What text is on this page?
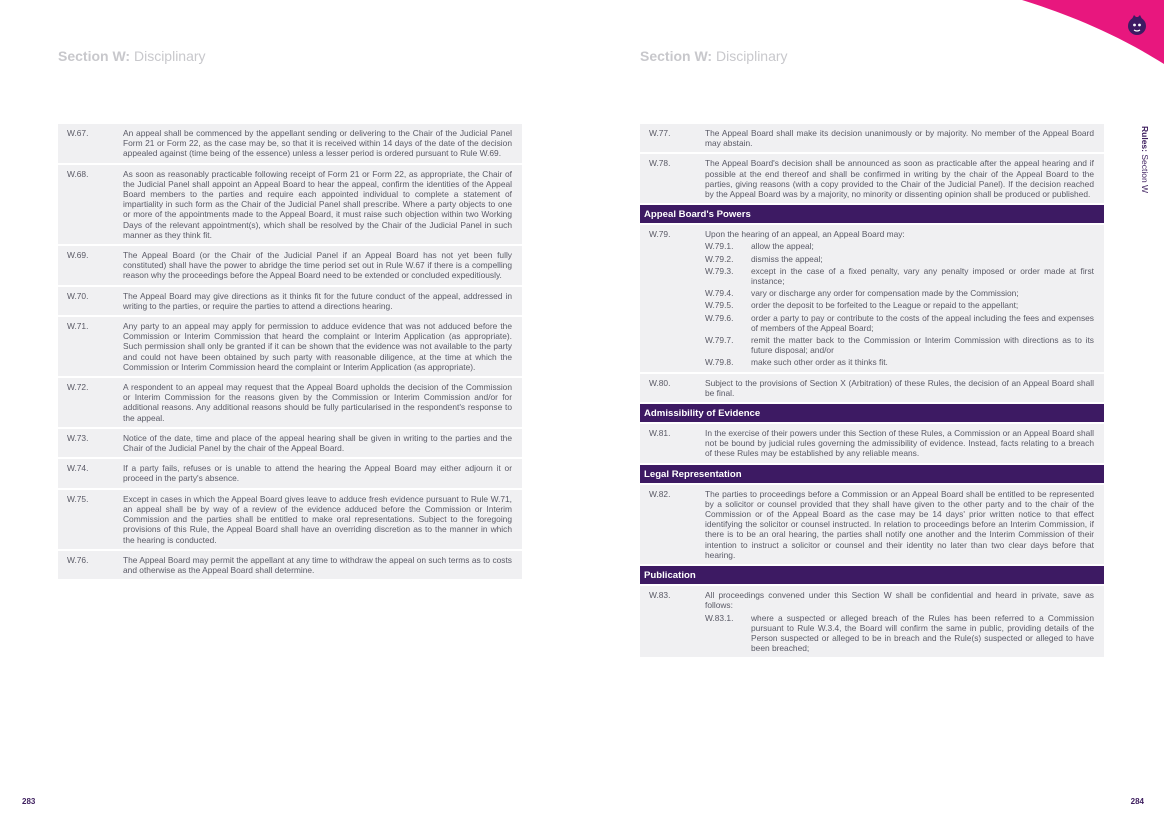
Section W: Disciplinary
W.67.	An appeal shall be commenced by the appellant sending or delivering to the Chair of the Judicial Panel Form 21 or Form 22, as the case may be, so that it is received within 14 days of the date of the decision appealed against (time being of the essence) unless a lesser period is ordered pursuant to Rule W.69.
W.68.	As soon as reasonably practicable following receipt of Form 21 or Form 22, as appropriate, the Chair of the Judicial Panel shall appoint an Appeal Board to hear the appeal, confirm the identities of the Appeal Board members to the parties and require each appointed individual to complete a statement of impartiality in such form as the Chair of the Judicial Panel shall prescribe. Where a party objects to one or more of the appointments made to the Appeal Board, it must raise such objection within two Working Days of the relevant appointment(s), which shall be resolved by the Chair of the Judicial Panel in such manner as they think fit.
W.69.	The Appeal Board (or the Chair of the Judicial Panel if an Appeal Board has not yet been fully constituted) shall have the power to abridge the time period set out in Rule W.67 if there is a compelling reason why the proceedings before the Appeal Board need to be extended or concluded expeditiously.
W.70.	The Appeal Board may give directions as it thinks fit for the future conduct of the appeal, addressed in writing to the parties, or require the parties to attend a directions hearing.
W.71.	Any party to an appeal may apply for permission to adduce evidence that was not adduced before the Commission or Interim Commission that heard the complaint or Interim Application (as appropriate). Such permission shall only be granted if it can be shown that the evidence was not available to the party and could not have been obtained by such party with reasonable diligence, at the time at which the Commission or Interim Commission heard the complaint or Interim Application (as appropriate).
W.72.	A respondent to an appeal may request that the Appeal Board upholds the decision of the Commission or Interim Commission for the reasons given by the Commission or Interim Commission and/or for additional reasons. Any additional reasons should be fully particularised in the respondent's response to the appeal.
W.73.	Notice of the date, time and place of the appeal hearing shall be given in writing to the parties and the Chair of the Judicial Panel by the chair of the Appeal Board.
W.74.	If a party fails, refuses or is unable to attend the hearing the Appeal Board may either adjourn it or proceed in the party's absence.
W.75.	Except in cases in which the Appeal Board gives leave to adduce fresh evidence pursuant to Rule W.71, an appeal shall be by way of a review of the evidence adduced before the Commission or Interim Commission and the parties shall be entitled to make oral representations. Subject to the foregoing provisions of this Rule, the Appeal Board shall have an overriding discretion as to the manner in which the hearing is conducted.
W.76.	The Appeal Board may permit the appellant at any time to withdraw the appeal on such terms as to costs and otherwise as the Appeal Board shall determine.
283
Section W: Disciplinary
W.77.	The Appeal Board shall make its decision unanimously or by majority. No member of the Appeal Board may abstain.
W.78.	The Appeal Board's decision shall be announced as soon as practicable after the appeal hearing and if possible at the end thereof and shall be confirmed in writing by the chair of the Appeal Board to the parties, giving reasons (with a copy provided to the Chair of the Judicial Panel). If the decision reached by the Appeal Board was by a majority, no minority or dissenting opinion shall be produced or published.
Appeal Board's Powers
W.79.	Upon the hearing of an appeal, an Appeal Board may:
W.79.1. allow the appeal;
W.79.2. dismiss the appeal;
W.79.3. except in the case of a fixed penalty, vary any penalty imposed or order made at first instance;
W.79.4. vary or discharge any order for compensation made by the Commission;
W.79.5. order the deposit to be forfeited to the League or repaid to the appellant;
W.79.6. order a party to pay or contribute to the costs of the appeal including the fees and expenses of members of the Appeal Board;
W.79.7. remit the matter back to the Commission or Interim Commission with directions as to its future disposal; and/or
W.79.8. make such other order as it thinks fit.
W.80.	Subject to the provisions of Section X (Arbitration) of these Rules, the decision of an Appeal Board shall be final.
Admissibility of Evidence
W.81.	In the exercise of their powers under this Section of these Rules, a Commission or an Appeal Board shall not be bound by judicial rules governing the admissibility of evidence. Instead, facts relating to a breach of these Rules may be established by any reliable means.
Legal Representation
W.82.	The parties to proceedings before a Commission or an Appeal Board shall be entitled to be represented by a solicitor or counsel provided that they shall have given to the other party and to the chair of the Commission or of the Appeal Board as the case may be 14 days' prior written notice to that effect identifying the solicitor or counsel instructed. In relation to proceedings before an Interim Commission, if there is to be an oral hearing, the parties shall notify one another and the Interim Commission of their intention to instruct a solicitor or counsel and their identity no later than two clear days before that hearing.
Publication
W.83.	All proceedings convened under this Section W shall be confidential and heard in private, save as follows:
W.83.1. where a suspected or alleged breach of the Rules has been referred to a Commission pursuant to Rule W.3.4, the Board will confirm the same in public, providing details of the Person suspected or alleged to be in breach and the Rule(s) suspected or alleged to have been breached;
Rules: Section W
284
